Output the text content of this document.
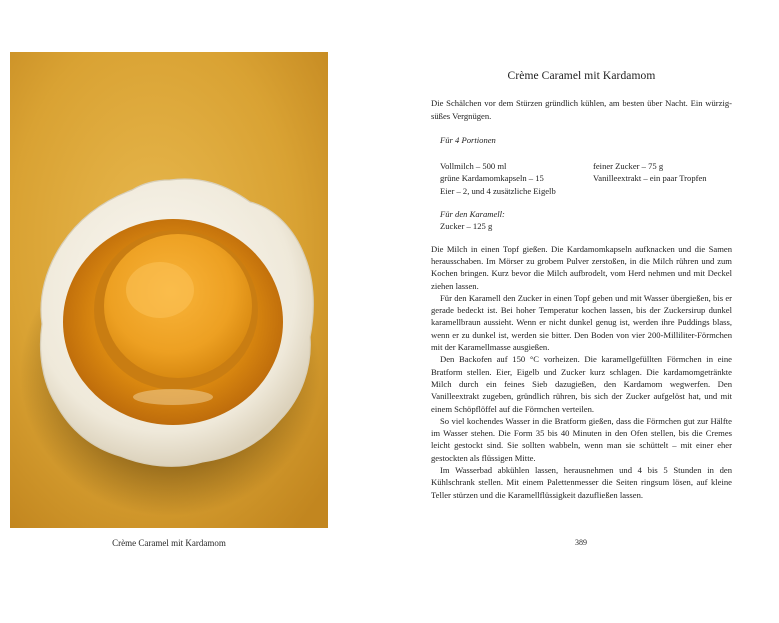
Crème Caramel mit Kardamom
Crème Caramel mit Kardamom

Die Schälchen vor dem Stürzen gründlich kühlen, am besten über Nacht. Ein würzig-süßes Vergnügen.

Für 4 Portionen

Vollmilch – 500 ml
grüne Kardamomkapseln – 15
Eier – 2, und 4 zusätzliche Eigelb
feiner Zucker – 75 g
Vanilleextrakt – ein paar Tropfen
Für den Karamell:
Zucker – 125 g

Die Milch in einen Topf gießen. Die Kardamomkapseln aufknacken und die Samen herausschaben. Im Mörser zu grobem Pulver zerstoßen, in die Milch rühren und zum Kochen bringen. Kurz bevor die Milch aufbrodelt, vom Herd nehmen und mit Deckel ziehen lassen.

Für den Karamell den Zucker in einen Topf geben und mit Wasser übergießen, bis er gerade bedeckt ist. Bei hoher Temperatur kochen lassen, bis der Zuckersirup dunkel karamellbraun aussieht. Wenn er nicht dunkel genug ist, werden ihre Puddings blass, wenn er zu dunkel ist, werden sie bitter. Den Boden von vier 200-Milliliter-Förmchen mit der Karamellmasse ausgießen.

Den Backofen auf 150 °C vorheizen. Die karamellgefüllten Förmchen in eine Bratform stellen. Eier, Eigelb und Zucker kurz schlagen. Die kardamomgetränkte Milch durch ein feines Sieb dazugießen, den Kardamom wegwerfen. Den Vanilleextrakt zugeben, gründlich rühren, bis sich der Zucker aufgelöst hat, und mit einem Schöpflöffel auf die Förmchen verteilen.

So viel kochendes Wasser in die Bratform gießen, dass die Förmchen gut zur Hälfte im Wasser stehen. Die Form 35 bis 40 Minuten in den Ofen stellen, bis die Cremes leicht gestockt sind. Sie sollten wabbeln, wenn man sie schüttelt – mit einer eher gestockten als flüssigen Mitte.

Im Wasserbad abkühlen lassen, herausnehmen und 4 bis 5 Stunden in den Kühlschrank stellen. Mit einem Palettenmesser die Seiten ringsum lösen, auf kleine Teller stürzen und die Karamellflüssigkeit dazufließen lassen.

389
